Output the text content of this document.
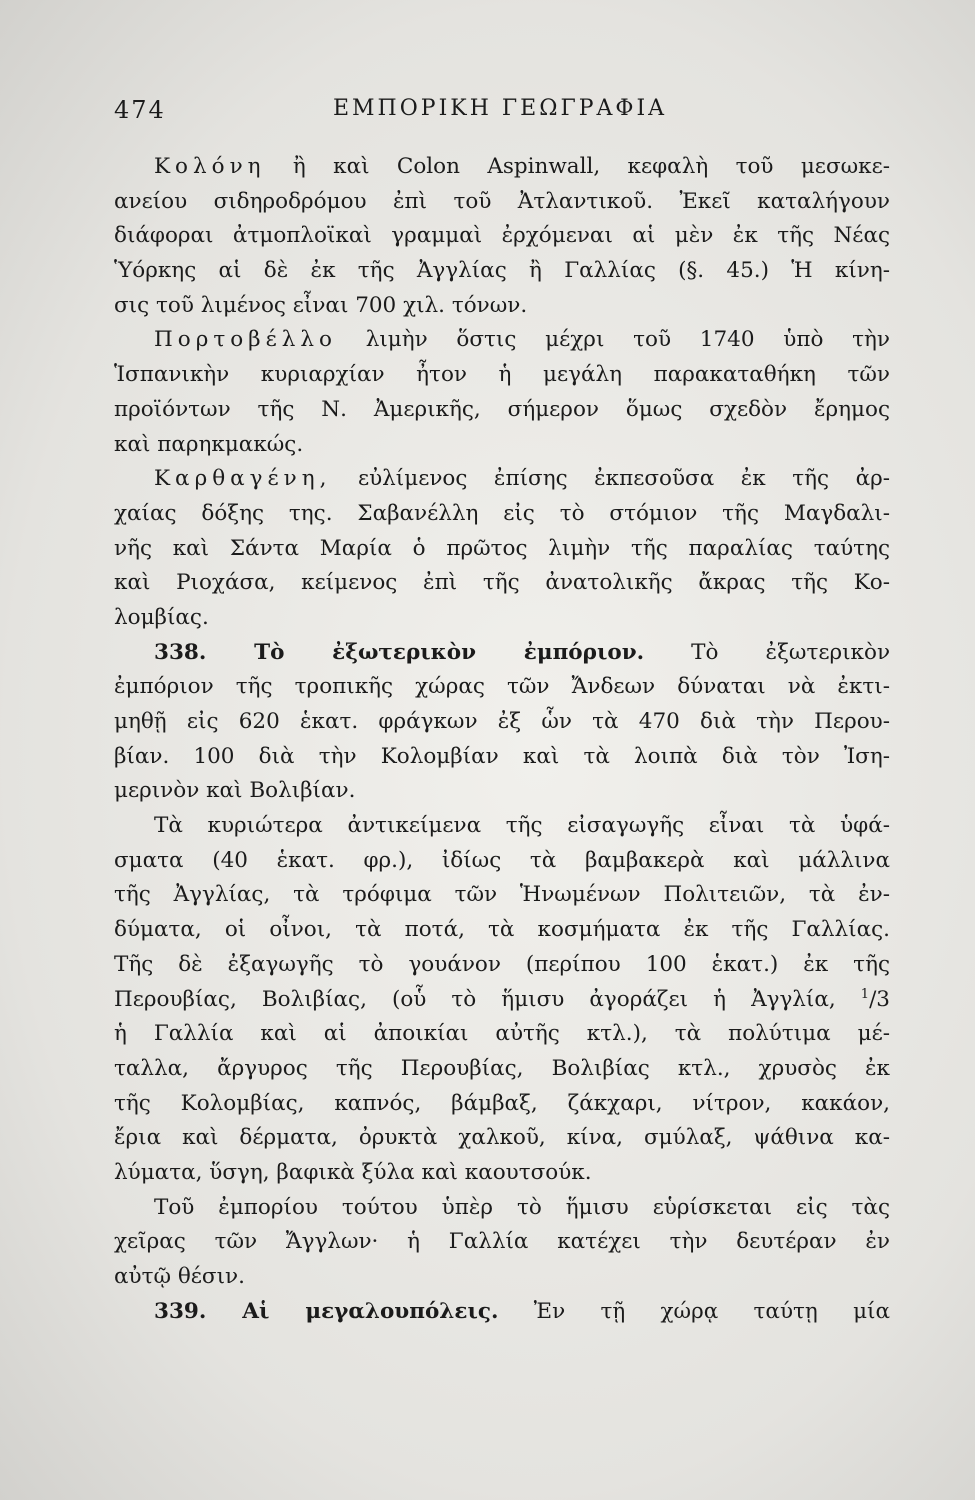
474	ΕΜΠΟΡΙΚΗ ΓΕΩΓΡΑΦΙΑ
Κολόνη ἢ καὶ Colon Aspinwall, κεφαλὴ τοῦ μεσωκε-
ανείου σιδηροδρόμου ἐπὶ τοῦ Ἀτλαντικοῦ. Ἐκεῖ καταλήγουν
διάφοραι ἀτμοπλοϊκαὶ γραμμαὶ ἐρχόμεναι αἱ μὲν ἐκ τῆς Νέας
Ὑόρκης αἱ δὲ ἐκ τῆς Ἀγγλίας ἢ Γαλλίας (§. 45.) Ἡ κίνη-
σις τοῦ λιμένος εἶναι 700 χιλ. τόνων.
Πορτοβέλλο λιμὴν ὅστις μέχρι τοῦ 1740 ὑπὸ τὴν
Ἱσπανικὴν κυριαρχίαν ἦτον ἡ μεγάλη παρακαταθήκη τῶν
προϊόντων τῆς Ν. Ἀμερικῆς, σήμερον ὅμως σχεδὸν ἔρημος
καὶ παρηκμακώς.
Καρθαγένη, εὐλίμενος ἐπίσης ἐκπεσοῦσα ἐκ τῆς ἀρ-
χαίας δόξης της. Σαβανέλλη εἰς τὸ στόμιον τῆς Μαγδαλι-
νῆς καὶ Σάντα Μαρία ὁ πρῶτος λιμὴν τῆς παραλίας ταύτης
καὶ Ριοχάσα, κείμενος ἐπὶ τῆς ἀνατολικῆς ἄκρας τῆς Κο-
λομβίας.
338. Τὸ ἐξωτερικὸν ἐμπόριον. Τὸ ἐξωτερικὸν
ἐμπόριον τῆς τροπικῆς χώρας τῶν Ἄνδεων δύναται νὰ ἐκτι-
μηθῇ εἰς 620 ἑκατ. φράγκων ἐξ ὧν τὰ 470 διὰ τὴν Περου-
βίαν. 100 διὰ τὴν Κολομβίαν καὶ τὰ λοιπὰ διὰ τὸν Ἰση-
μερινὸν καὶ Βολιβίαν.
Τὰ κυριώτερα ἀντικείμενα τῆς εἰσαγωγῆς εἶναι τὰ ὑφά-
σματα (40 ἑκατ. φρ.), ἰδίως τὰ βαμβακερὰ καὶ μάλλινα
τῆς Ἀγγλίας, τὰ τρόφιμα τῶν Ἡνωμένων Πολιτειῶν, τὰ ἐν-
δύματα, οἱ οἶνοι, τὰ ποτά, τὰ κοσμήματα ἐκ τῆς Γαλλίας.
Τῆς δὲ ἐξαγωγῆς τὸ γουάνον (περίπου 100 ἑκατ.) ἐκ τῆς
Περουβίας, Βολιβίας, (οὗ τὸ ἥμισυ ἀγοράζει ἡ Ἀγγλία, $^1$/3
ἡ Γαλλία καὶ αἱ ἀποικίαι αὐτῆς κτλ.), τὰ πολύτιμα μέ-
ταλλα, ἄργυρος τῆς Περουβίας, Βολιβίας κτλ., χρυσὸς ἐκ
τῆς Κολομβίας, καπνός, βάμβαξ, ζάκχαρι, νίτρον, κακάον,
ἔρια καὶ δέρματα, ὀρυκτὰ χαλκοῦ, κίνα, σμύλαξ, ψάθινα κα-
λύματα, ὕσγη, βαφικὰ ξύλα καὶ καουτσούκ.
Τοῦ ἐμπορίου τούτου ὑπὲρ τὸ ἥμισυ εὑρίσκεται εἰς τὰς
χεῖρας τῶν Ἄγγλων· ἡ Γαλλία κατέχει τὴν δευτέραν ἐν
αὐτῷ θέσιν.
339. Αἱ μεγαλουπόλεις. Ἐν τῇ χώρᾳ ταύτῃ μία
